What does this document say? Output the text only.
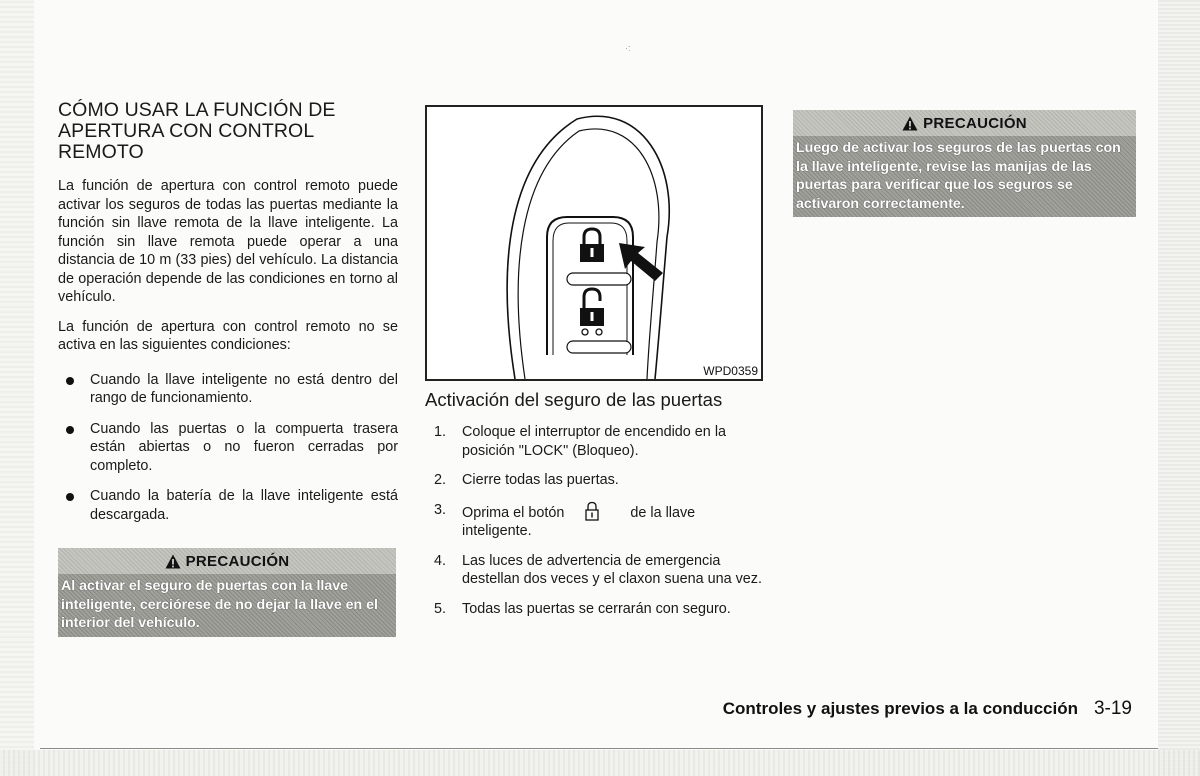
·:
CÓMO USAR LA FUNCIÓN DE APERTURA CON CONTROL REMOTO

La función de apertura con control remoto puede activar los seguros de todas las puertas mediante la función sin llave remota de la llave inteligente. La función sin llave remota puede operar a una distancia de 10 m (33 pies) del vehículo. La distancia de operación depende de las condiciones en torno al vehículo.

La función de apertura con control remoto no se activa en las siguientes condiciones:

Cuando la llave inteligente no está dentro del rango de funcionamiento.
Cuando las puertas o la compuerta trasera están abiertas o no fueron cerradas por completo.
Cuando la batería de la llave inteligente está descargada.
PRECAUCIÓN
Al activar el seguro de puertas con la llave inteligente, cerciórese de no dejar la llave en el interior del vehículo.
WPD0359
Activación del seguro de las puertas
1. Coloque el interruptor de encendido en la posición "LOCK" (Bloqueo).
2. Cierre todas las puertas.
3. Oprima el botón	de la llave inteligente.
4. Las luces de advertencia de emergencia destellan dos veces y el claxon suena una vez.
5. Todas las puertas se cerrarán con seguro.
PRECAUCIÓN
Luego de activar los seguros de las puertas con la llave inteligente, revise las manijas de las puertas para verificar que los seguros se activaron correctamente.
Controles y ajustes previos a la conducción 3-19
